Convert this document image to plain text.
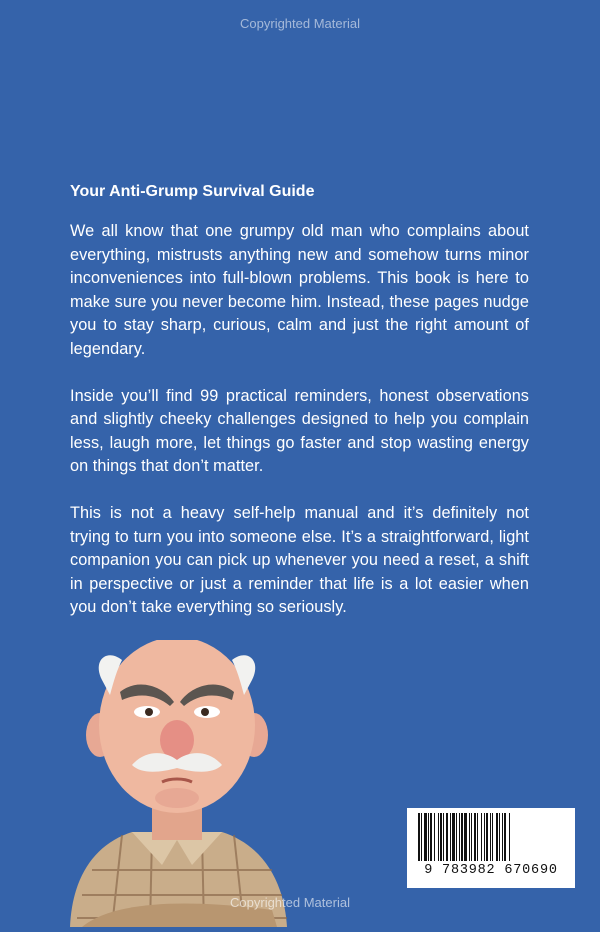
Copyrighted Material
Your Anti-Grump Survival Guide

We all know that one grumpy old man who complains about everything, mistrusts anything new and somehow turns minor inconveniences into full-blown problems. This book is here to make sure you never become him. Instead, these pages nudge you to stay sharp, curious, calm and just the right amount of legendary.

Inside you’ll find 99 practical reminders, honest observations and slightly cheeky challenges designed to help you complain less, laugh more, let things go faster and stop wasting energy on things that don’t matter.

This is not a heavy self-help manual and it’s definitely not trying to turn you into someone else. It’s a straightforward, light companion you can pick up whenever you need a reset, a shift in perspective or just a reminder that life is a lot easier when you don’t take everything so seriously.

9 783982 670690
Copyrighted Material
